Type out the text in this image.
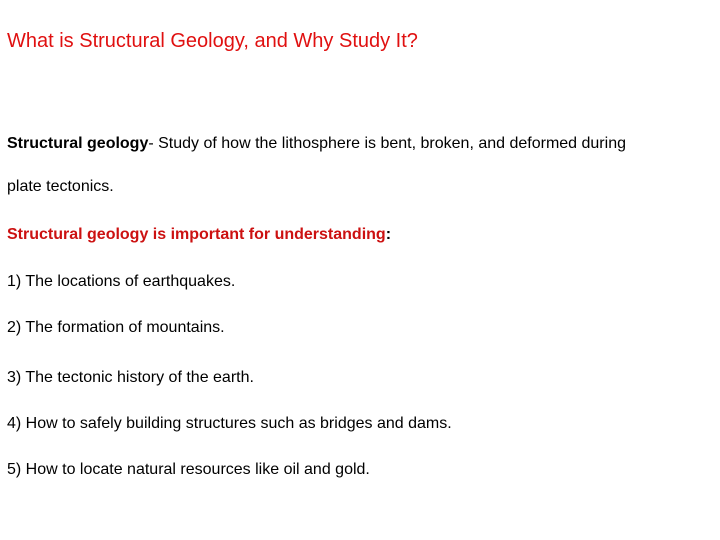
What is Structural Geology, and Why Study It?

Structural geology- Study of how the lithosphere is bent, broken, and deformed during

plate tectonics.

Structural geology is important for understanding:

1) The locations of earthquakes.

2) The formation of mountains.

3) The tectonic history of the earth.

4) How to safely building structures such as bridges and dams.

5) How to locate natural resources like oil and gold.
